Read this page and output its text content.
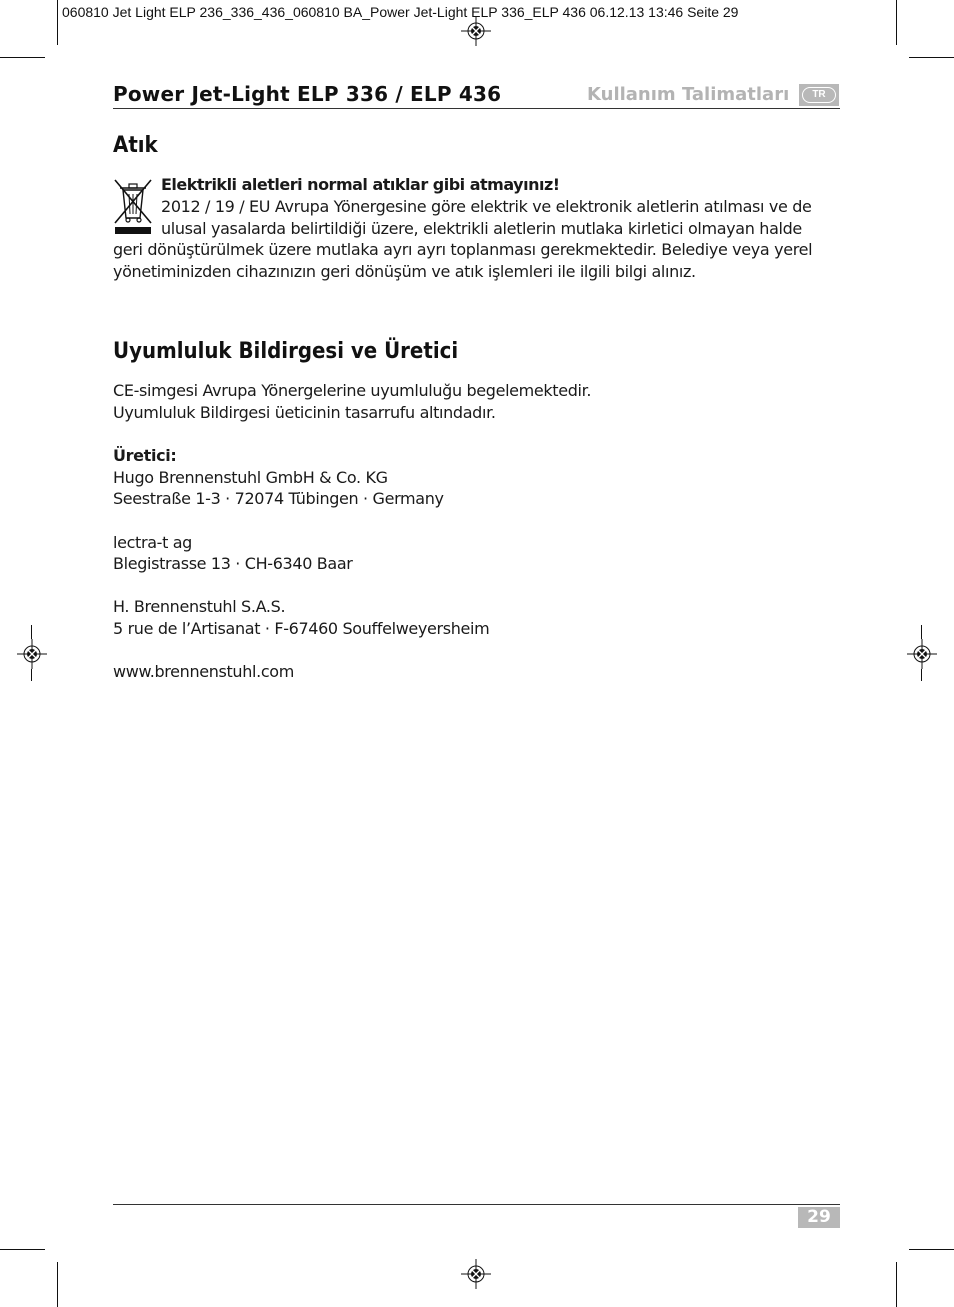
060810 Jet Light ELP 236_336_436_060810 BA_Power Jet-Light ELP 336_ELP 436 06.12.13 13:46 Seite 29
Power Jet-Light ELP 336 / ELP 436	Kullanım Talimatları	TR
Atık
Elektrikli aletleri normal atıklar gibi atmayınız!
2012 / 19 / EU Avrupa Yönergesine göre elektrik ve elektronik aletlerin atılması ve de
ulusal yasalarda belirtildiği üzere, elektrikli aletlerin mutlaka kirletici olmayan halde
geri dönüştürülmek üzere mutlaka ayrı ayrı toplanması gerekmektedir. Belediye veya yerel
yönetiminizden cihazınızın geri dönüşüm ve atık işlemleri ile ilgili bilgi alınız.
Uyumluluk Bildirgesi ve Üretici
CE-simgesi Avrupa Yönergelerine uyumluluğu begelemektedir.
Uyumluluk Bildirgesi üeticinin tasarrufu altındadır.
Üretici:
Hugo Brennenstuhl GmbH & Co. KG
Seestraße 1-3 · 72074 Tübingen · Germany
lectra-t ag
Blegistrasse 13 · CH-6340 Baar
H. Brennenstuhl S.A.S.
5 rue de l’Artisanat · F-67460 Souffelweyersheim
www.brennenstuhl.com
29
